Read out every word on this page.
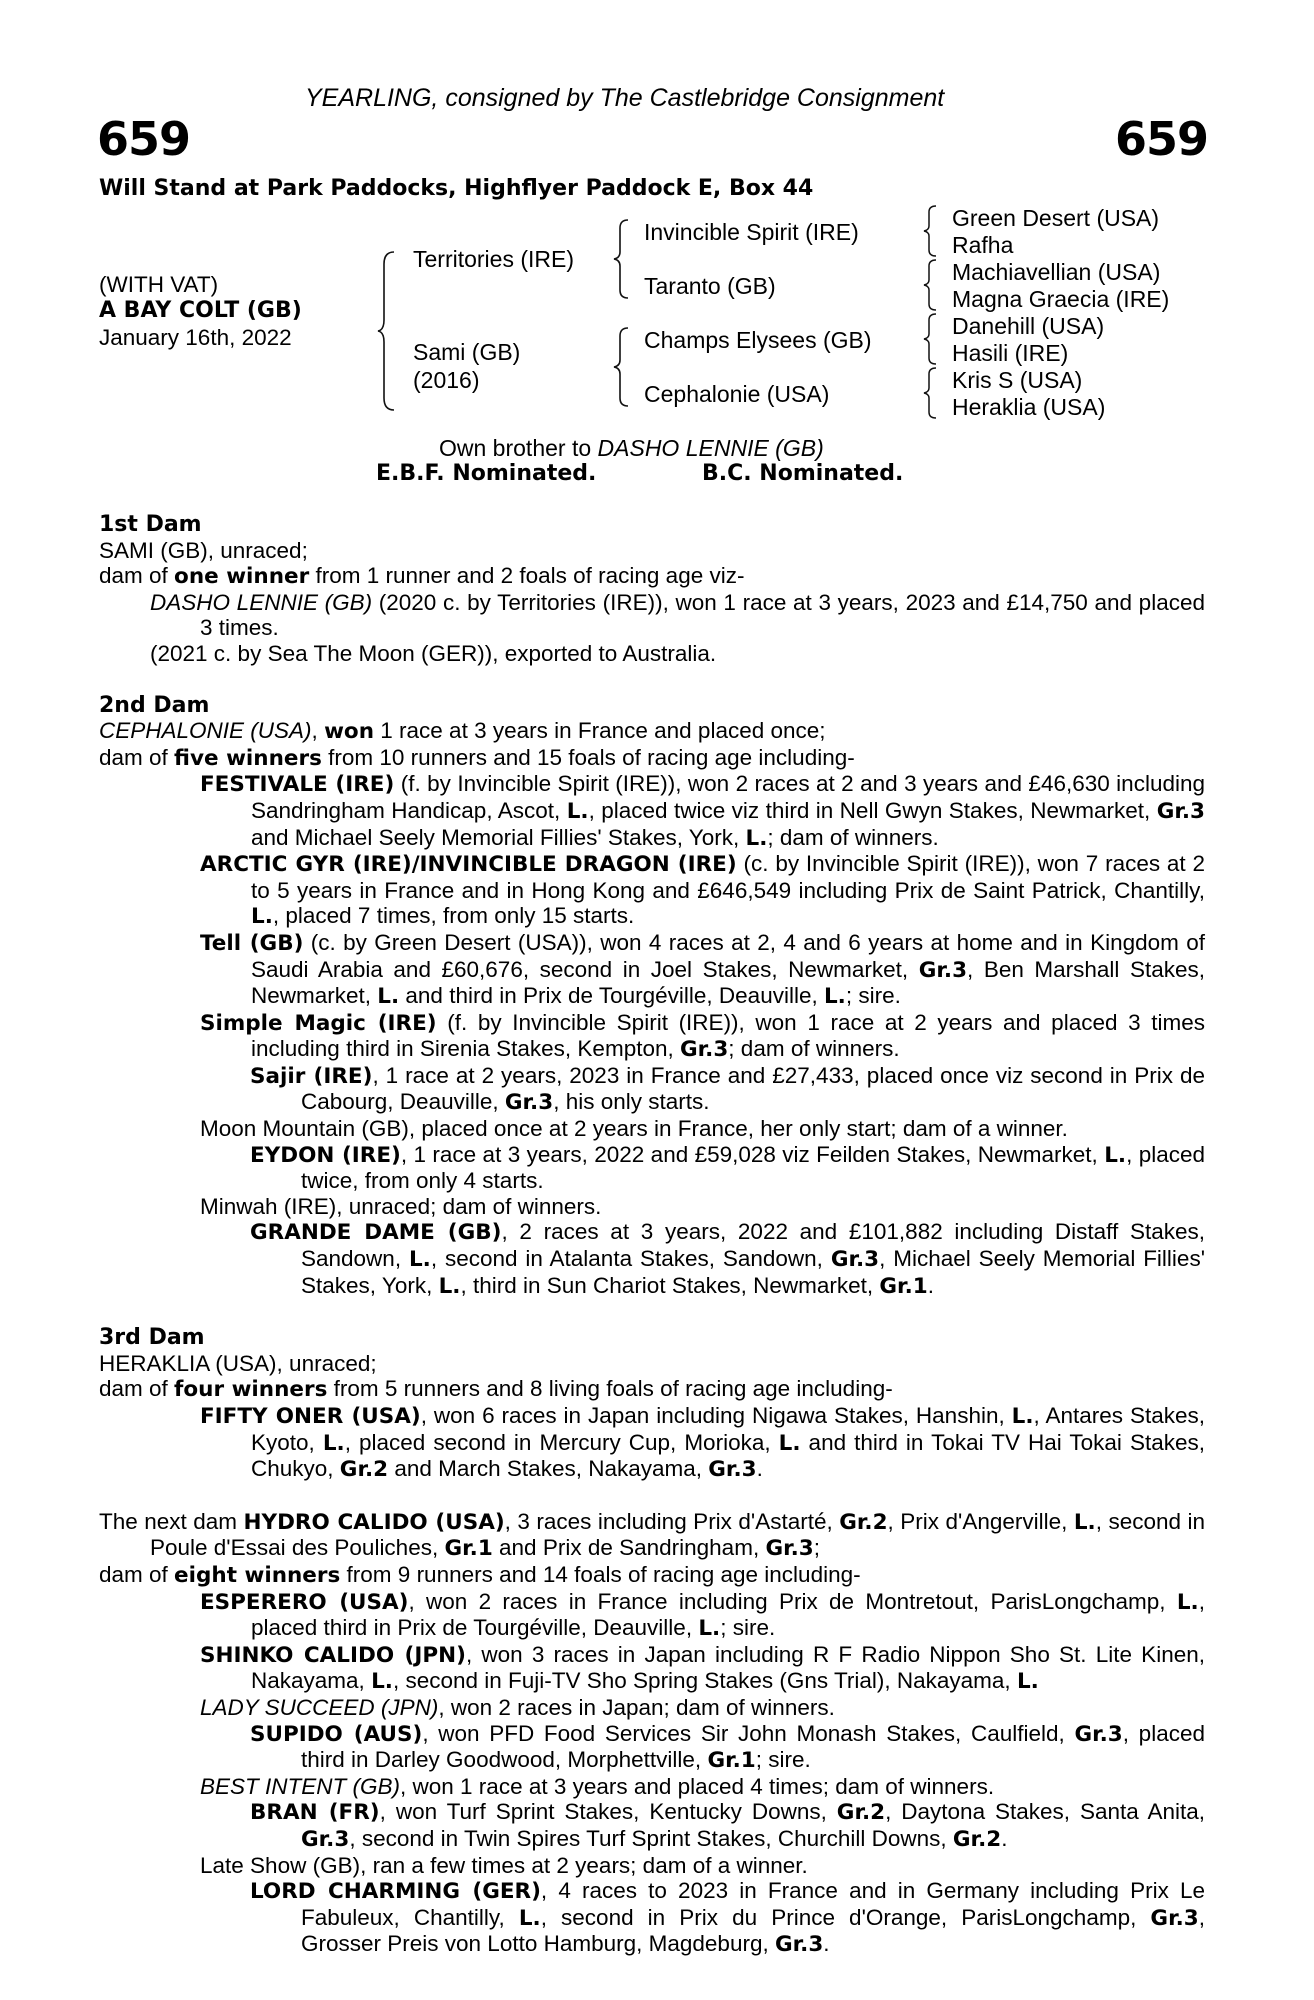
YEARLING, consigned by The Castlebridge Consignment
659	659
Will Stand at Park Paddocks, Highflyer Paddock E, Box 44
(WITH VAT)
A BAY COLT (GB)
January 16th, 2022
Territories (IRE)
Sami (GB)
(2016)
Invincible Spirit (IRE)
Taranto (GB)
Champs Elysees (GB)
Cephalonie (USA)
Green Desert (USA)
Rafha
Machiavellian (USA)
Magna Graecia (IRE)
Danehill (USA)
Hasili (IRE)
Kris S (USA)
Heraklia (USA)
Own brother to DASHO LENNIE (GB)
E.B.F. Nominated.	B.C. Nominated.

1st Dam

SAMI (GB), unraced;

dam of one winner from 1 runner and 2 foals of racing age viz-

DASHO LENNIE (GB) (2020 c. by Territories (IRE)), won 1 race at 3 years, 2023 and £14,750 and placed 3 times.

(2021 c. by Sea The Moon (GER)), exported to Australia.

2nd Dam

CEPHALONIE (USA), won 1 race at 3 years in France and placed once;

dam of five winners from 10 runners and 15 foals of racing age including-

FESTIVALE (IRE) (f. by Invincible Spirit (IRE)), won 2 races at 2 and 3 years and £46,630 including Sandringham Handicap, Ascot, L., placed twice viz third in Nell Gwyn Stakes, Newmarket, Gr.3 and Michael Seely Memorial Fillies' Stakes, York, L.; dam of winners.

ARCTIC GYR (IRE)/INVINCIBLE DRAGON (IRE) (c. by Invincible Spirit (IRE)), won 7 races at 2 to 5 years in France and in Hong Kong and £646,549 including Prix de Saint Patrick, Chantilly, L., placed 7 times, from only 15 starts.

Tell (GB) (c. by Green Desert (USA)), won 4 races at 2, 4 and 6 years at home and in Kingdom of Saudi Arabia and £60,676, second in Joel Stakes, Newmarket, Gr.3, Ben Marshall Stakes, Newmarket, L. and third in Prix de Tourgéville, Deauville, L.; sire.

Simple Magic (IRE) (f. by Invincible Spirit (IRE)), won 1 race at 2 years and placed 3 times including third in Sirenia Stakes, Kempton, Gr.3; dam of winners.

Sajir (IRE), 1 race at 2 years, 2023 in France and £27,433, placed once viz second in Prix de Cabourg, Deauville, Gr.3, his only starts.

Moon Mountain (GB), placed once at 2 years in France, her only start; dam of a winner.

EYDON (IRE), 1 race at 3 years, 2022 and £59,028 viz Feilden Stakes, Newmarket, L., placed twice, from only 4 starts.

Minwah (IRE), unraced; dam of winners.

GRANDE DAME (GB), 2 races at 3 years, 2022 and £101,882 including Distaff Stakes, Sandown, L., second in Atalanta Stakes, Sandown, Gr.3, Michael Seely Memorial Fillies' Stakes, York, L., third in Sun Chariot Stakes, Newmarket, Gr.1.

3rd Dam

HERAKLIA (USA), unraced;

dam of four winners from 5 runners and 8 living foals of racing age including-

FIFTY ONER (USA), won 6 races in Japan including Nigawa Stakes, Hanshin, L., Antares Stakes, Kyoto, L., placed second in Mercury Cup, Morioka, L. and third in Tokai TV Hai Tokai Stakes, Chukyo, Gr.2 and March Stakes, Nakayama, Gr.3.

The next dam HYDRO CALIDO (USA), 3 races including Prix d'Astarté, Gr.2, Prix d'Angerville, L., second in Poule d'Essai des Pouliches, Gr.1 and Prix de Sandringham, Gr.3;

dam of eight winners from 9 runners and 14 foals of racing age including-

ESPERERO (USA), won 2 races in France including Prix de Montretout, ParisLongchamp, L., placed third in Prix de Tourgéville, Deauville, L.; sire.

SHINKO CALIDO (JPN), won 3 races in Japan including R F Radio Nippon Sho St. Lite Kinen, Nakayama, L., second in Fuji-TV Sho Spring Stakes (Gns Trial), Nakayama, L.

LADY SUCCEED (JPN), won 2 races in Japan; dam of winners.

SUPIDO (AUS), won PFD Food Services Sir John Monash Stakes, Caulfield, Gr.3, placed third in Darley Goodwood, Morphettville, Gr.1; sire.

BEST INTENT (GB), won 1 race at 3 years and placed 4 times; dam of winners.

BRAN (FR), won Turf Sprint Stakes, Kentucky Downs, Gr.2, Daytona Stakes, Santa Anita, Gr.3, second in Twin Spires Turf Sprint Stakes, Churchill Downs, Gr.2.

Late Show (GB), ran a few times at 2 years; dam of a winner.

LORD CHARMING (GER), 4 races to 2023 in France and in Germany including Prix Le Fabuleux, Chantilly, L., second in Prix du Prince d'Orange, ParisLongchamp, Gr.3, Grosser Preis von Lotto Hamburg, Magdeburg, Gr.3.
